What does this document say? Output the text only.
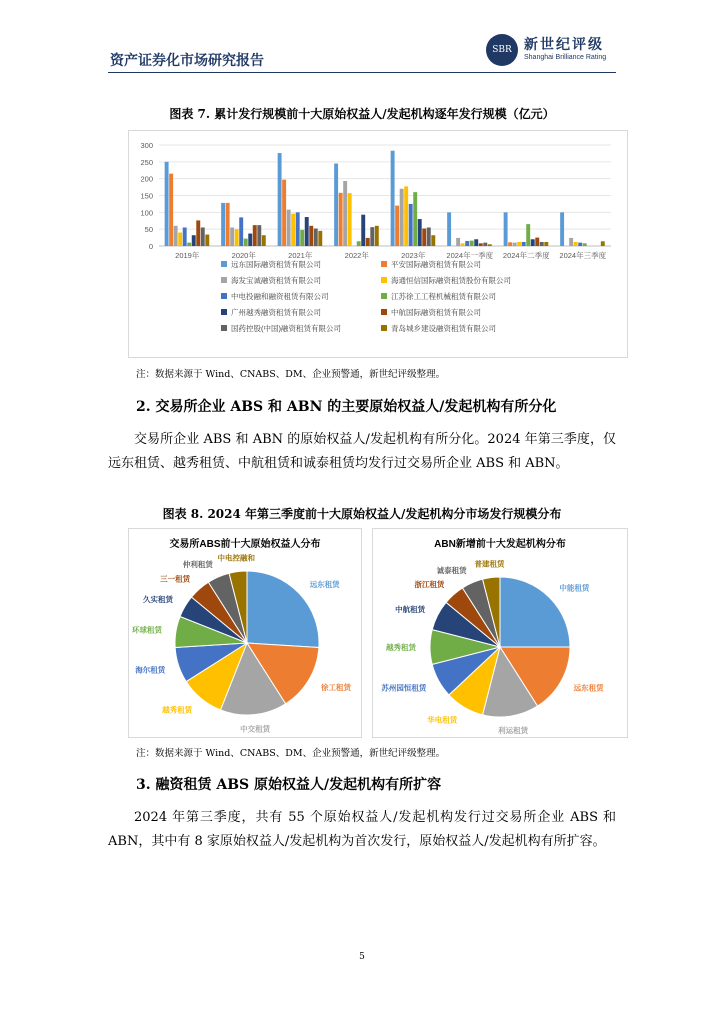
资产证券化市场研究报告
SBR 新世纪评级
Shanghai Brilliance Rating
图表 7. 累计发行规模前十大原始权益人/发起机构逐年发行规模（亿元）
0
50
100
150
200
250
300
2019年	2020年	2021年	2022年	2023年	2024年一季度 2024年二季度 2024年三季度
远东国际融资租赁有限公司	平安国际融资租赁有限公司
海发宝诚融资租赁有限公司	海通恒信国际融资租赁股份有限公司
中电投融和融资租赁有限公司	江苏徐工工程机械租赁有限公司
广州越秀融资租赁有限公司	中航国际融资租赁有限公司
国药控股(中国)融资租赁有限公司	青岛城乡建设融资租赁有限公司
注：数据来源于 Wind、CNABS、DM、企业预警通，新世纪评级整理。
2. 交易所企业 ABS 和 ABN 的主要原始权益人/发起机构有所分化
交易所企业 ABS 和 ABN 的原始权益人/发起机构有所分化。2024 年第三季度，仅远东租赁、越秀租赁、中航租赁和诚泰租赁均发行过交易所企业 ABS 和 ABN。
图表 8. 2024 年第三季度前十大原始权益人/发起机构分市场发行规模分布
交易所ABS前十大原始权益人分布
远东租赁
徐工租赁
中交租赁
越秀租赁
海尔租赁
环球租赁
久实租赁
三一租赁
仲利租赁
中电控融和
ABN新增前十大发起机构分布
中能租赁
远东租赁
利运租赁
华电租赁
苏州园恒租赁
越秀租赁
中航租赁
浙江租赁
诚泰租赁
普建租赁
注：数据来源于 Wind、CNABS、DM、企业预警通，新世纪评级整理。
3. 融资租赁 ABS 原始权益人/发起机构有所扩容
2024 年第三季度，共有 55 个原始权益人/发起机构发行过交易所企业 ABS 和 ABN，其中有 8 家原始权益人/发起机构为首次发行，原始权益人/发起机构有所扩容。
5
